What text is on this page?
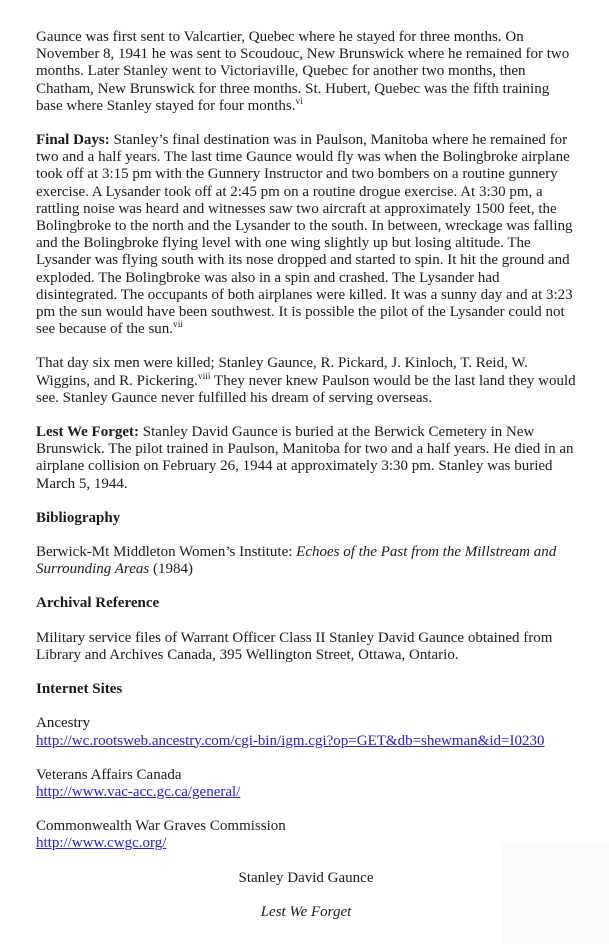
Gaunce was first sent to Valcartier, Quebec where he stayed for three months. On November 8, 1941 he was sent to Scoudouc, New Brunswick where he remained for two months. Later Stanley went to Victoriaville, Quebec for another two months, then Chatham, New Brunswick for three months. St. Hubert, Quebec was the fifth training base where Stanley stayed for four months.$^{vi}$

Final Days: Stanley’s final destination was in Paulson, Manitoba where he remained for two and a half years. The last time Gaunce would fly was when the Bolingbroke airplane took off at 3:15 pm with the Gunnery Instructor and two bombers on a routine gunnery exercise. A Lysander took off at 2:45 pm on a routine drogue exercise. At 3:30 pm, a rattling noise was heard and witnesses saw two aircraft at approximately 1500 feet, the Bolingbroke to the north and the Lysander to the south. In between, wreckage was falling and the Bolingbroke flying level with one wing slightly up but losing altitude. The Lysander was flying south with its nose dropped and started to spin. It hit the ground and exploded. The Bolingbroke was also in a spin and crashed. The Lysander had disintegrated. The occupants of both airplanes were killed. It was a sunny day and at 3:23 pm the sun would have been southwest. It is possible the pilot of the Lysander could not see because of the sun.$^{vii}$

That day six men were killed; Stanley Gaunce, R. Pickard, J. Kinloch, T. Reid, W. Wiggins, and R. Pickering.$^{viii}$ They never knew Paulson would be the last land they would see. Stanley Gaunce never fulfilled his dream of serving overseas.

Lest We Forget: Stanley David Gaunce is buried at the Berwick Cemetery in New Brunswick. The pilot trained in Paulson, Manitoba for two and a half years. He died in an airplane collision on February 26, 1944 at approximately 3:30 pm. Stanley was buried March 5, 1944.

Bibliography

Berwick-Mt Middleton Women’s Institute: Echoes of the Past from the Millstream and Surrounding Areas (1984)

Archival Reference

Military service files of Warrant Officer Class II Stanley David Gaunce obtained from Library and Archives Canada, 395 Wellington Street, Ottawa, Ontario.

Internet Sites

Ancestry
http://wc.rootsweb.ancestry.com/cgi-bin/igm.cgi?op=GET&db=shewman&id=I0230
Veterans Affairs Canada
http://www.vac-acc.gc.ca/general/
Commonwealth War Graves Commission
http://www.cwgc.org/

Stanley David Gaunce

Lest We Forget
